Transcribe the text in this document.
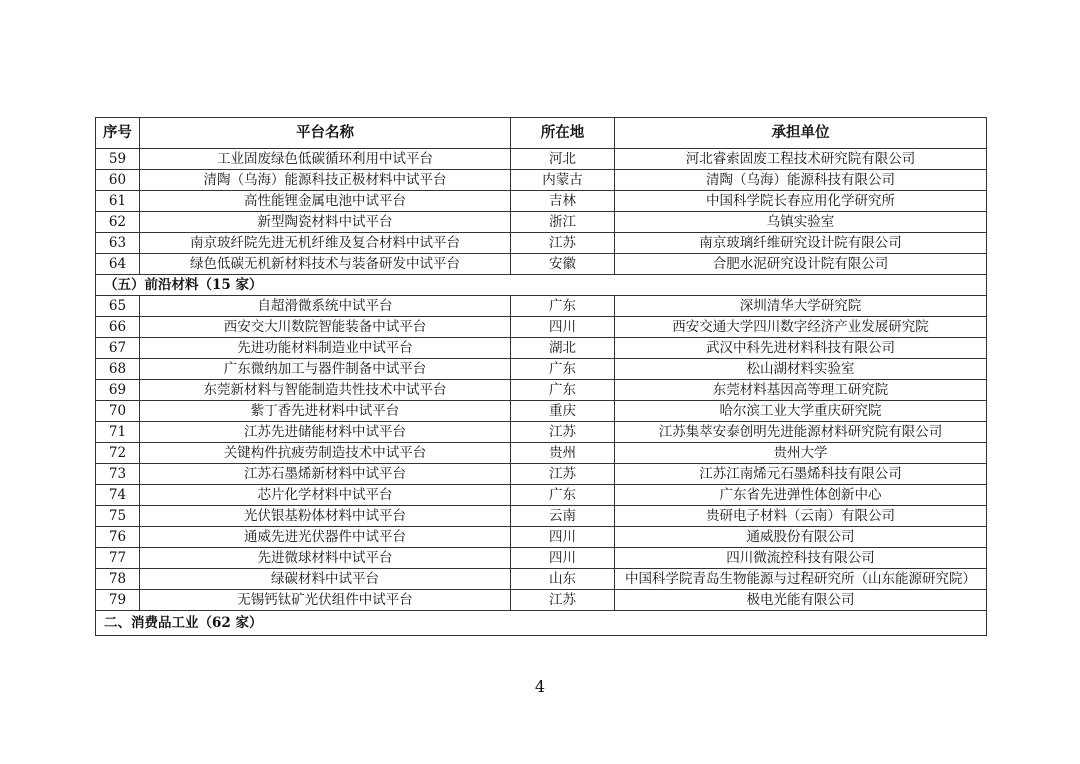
序号	平台名称	所在地	承担单位
59	工业固废绿色低碳循环利用中试平台	河北	河北睿索固废工程技术研究院有限公司
60	清陶（乌海）能源科技正极材料中试平台	内蒙古	清陶（乌海）能源科技有限公司
61	高性能锂金属电池中试平台	吉林	中国科学院长春应用化学研究所
62	新型陶瓷材料中试平台	浙江	乌镇实验室
63	南京玻纤院先进无机纤维及复合材料中试平台	江苏	南京玻璃纤维研究设计院有限公司
64	绿色低碳无机新材料技术与装备研发中试平台	安徽	合肥水泥研究设计院有限公司
（五）前沿材料（15 家）			
65	自超滑微系统中试平台	广东	深圳清华大学研究院
66	西安交大川数院智能装备中试平台	四川	西安交通大学四川数字经济产业发展研究院
67	先进功能材料制造业中试平台	湖北	武汉中科先进材料科技有限公司
68	广东微纳加工与器件制备中试平台	广东	松山湖材料实验室
69	东莞新材料与智能制造共性技术中试平台	广东	东莞材料基因高等理工研究院
70	紫丁香先进材料中试平台	重庆	哈尔滨工业大学重庆研究院
71	江苏先进储能材料中试平台	江苏	江苏集萃安泰创明先进能源材料研究院有限公司
72	关键构件抗疲劳制造技术中试平台	贵州	贵州大学
73	江苏石墨烯新材料中试平台	江苏	江苏江南烯元石墨烯科技有限公司
74	芯片化学材料中试平台	广东	广东省先进弹性体创新中心
75	光伏银基粉体材料中试平台	云南	贵研电子材料（云南）有限公司
76	通威先进光伏器件中试平台	四川	通威股份有限公司
77	先进微球材料中试平台	四川	四川微流控科技有限公司
78	绿碳材料中试平台	山东	中国科学院青岛生物能源与过程研究所（山东能源研究院）
79	无锡钙钛矿光伏组件中试平台	江苏	极电光能有限公司
二、消费品工业（62 家）			
4
